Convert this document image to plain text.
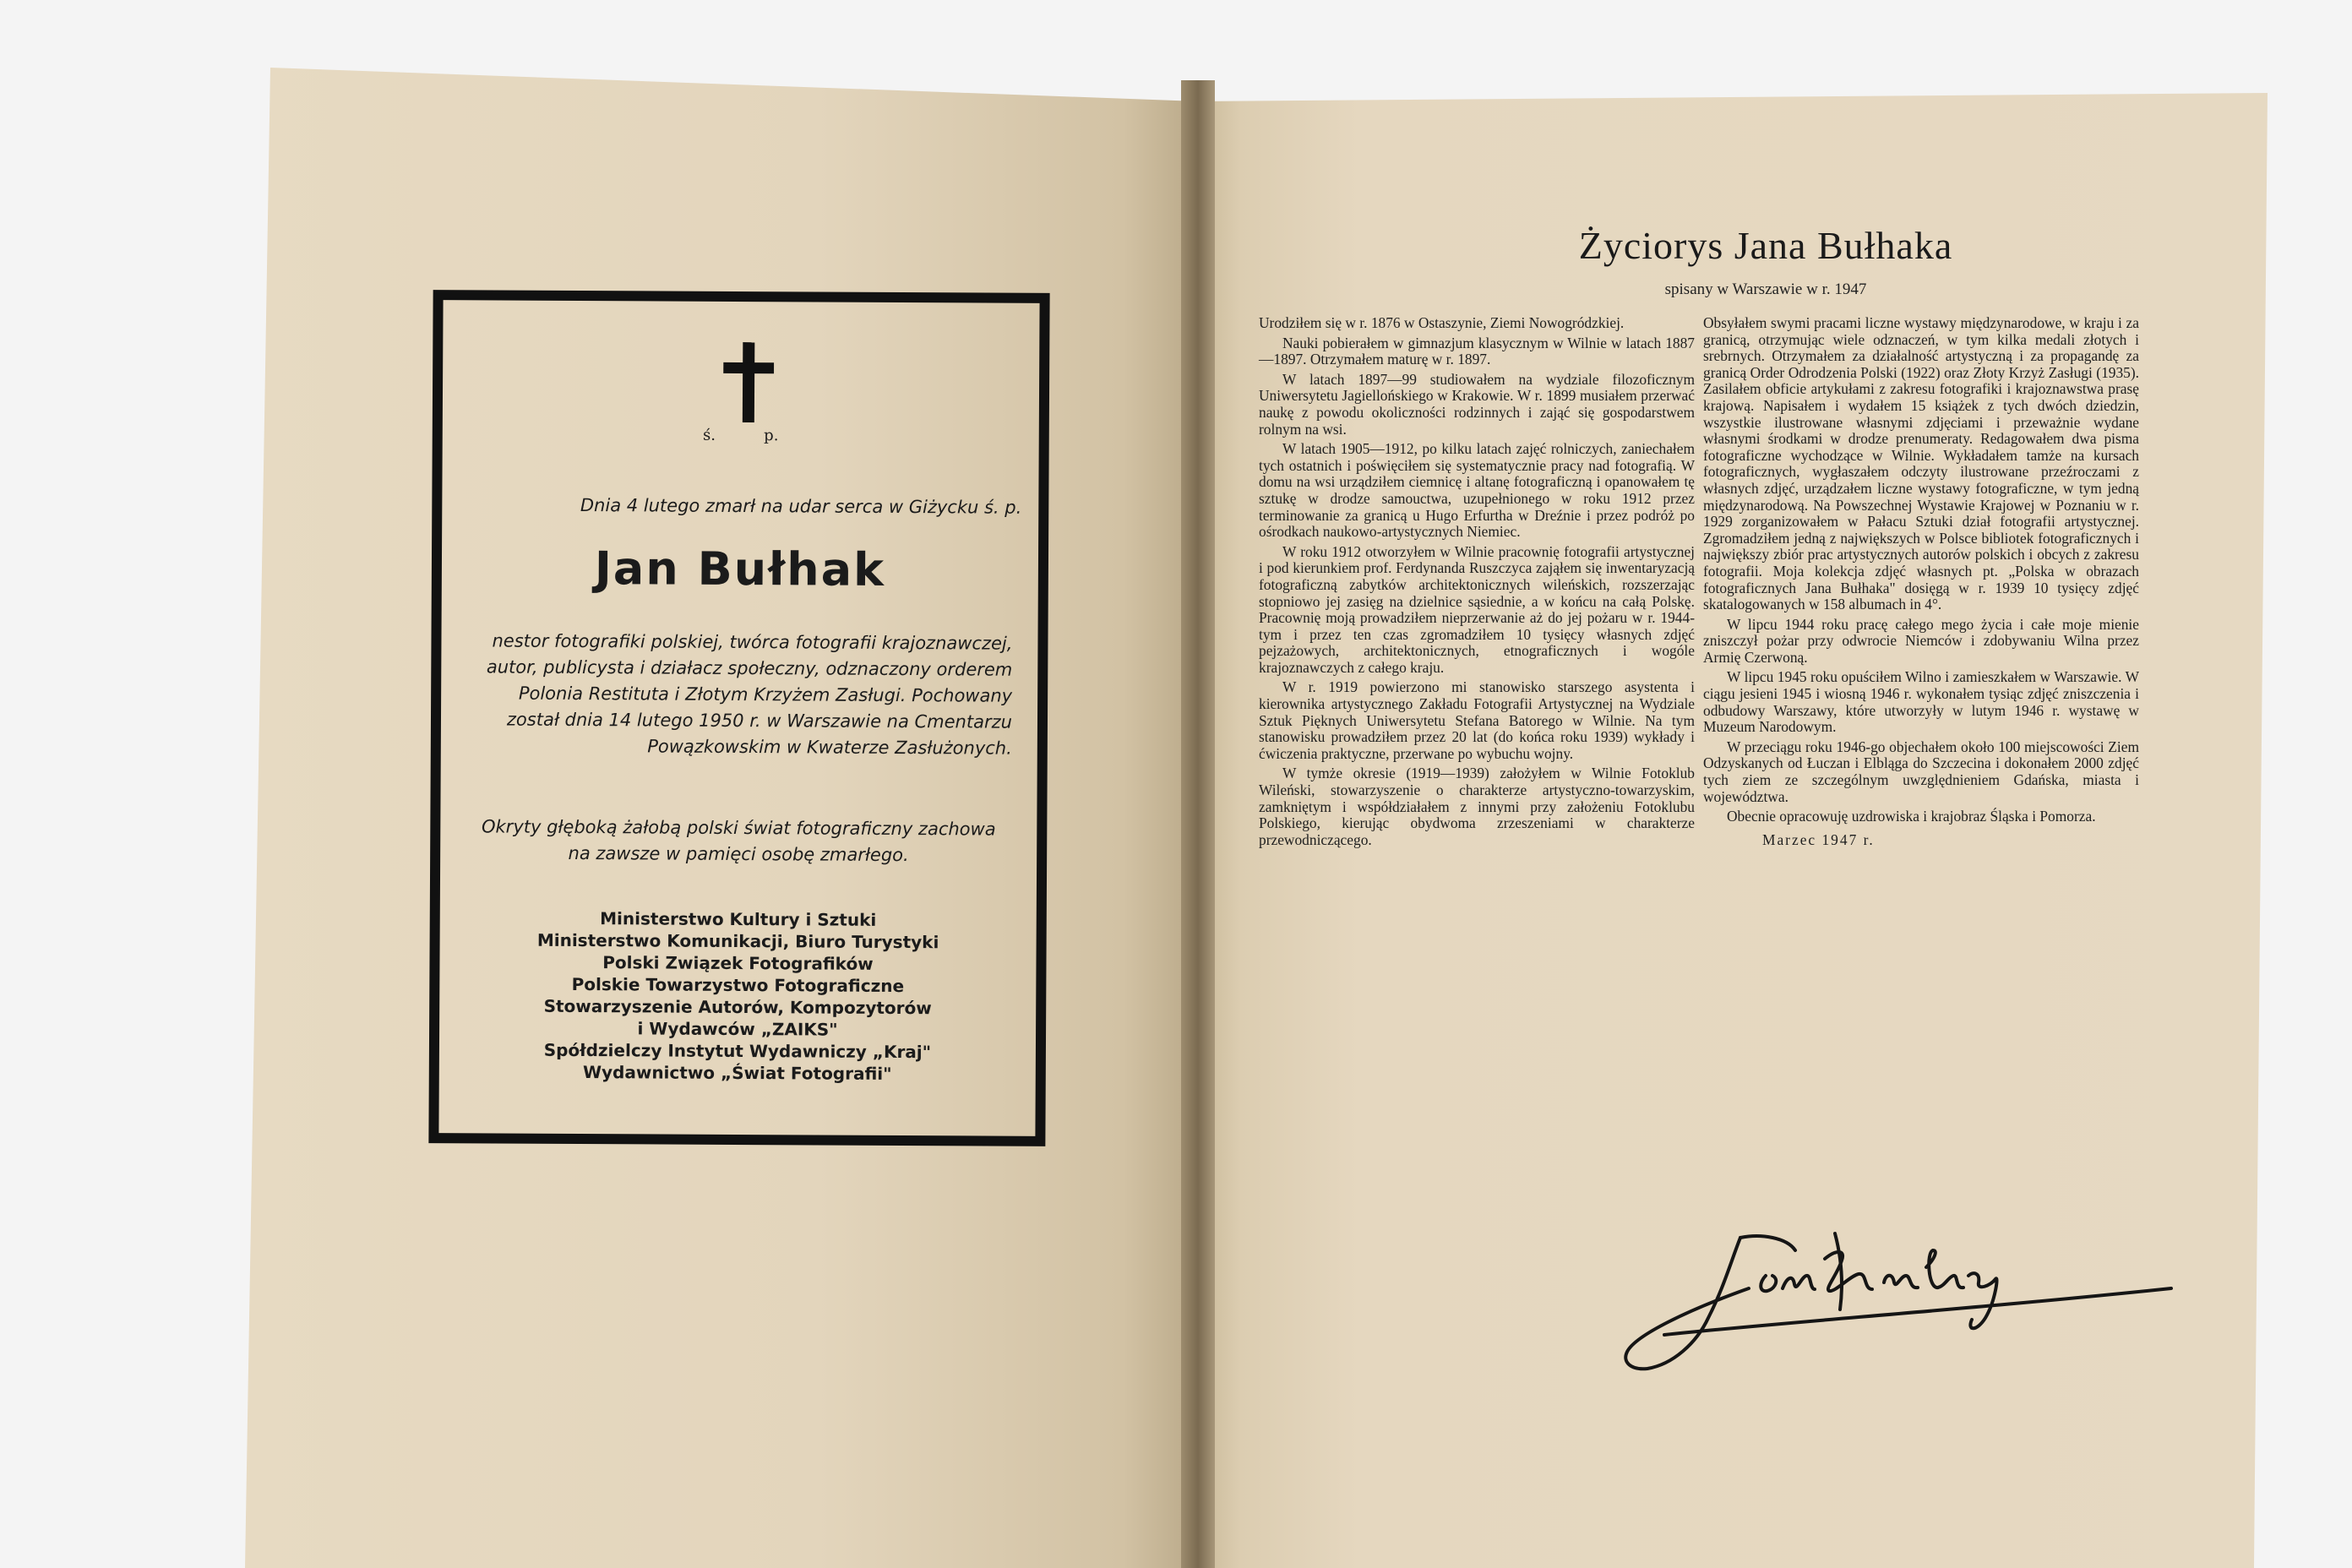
ś.          p.
Dnia 4 lutego zmarł na udar serca w Giżycku ś. p.
Jan Bułhak
nestor fotografiki polskiej, twórca fotografii krajoznawczej, autor, publicysta i działacz społeczny, odznaczony orderem Polonia Restituta i Złotym Krzyżem Zasługi. Pochowany został dnia 14 lutego 1950 r. w Warszawie na Cmentarzu Powązkowskim w Kwaterze Zasłużonych.
Okryty głęboką żałobą polski świat fotograficzny zachowa na zawsze w pamięci osobę zmarłego.
Ministerstwo Kultury i Sztuki
Ministerstwo Komunikacji, Biuro Turystyki
Polski Związek Fotografików
Polskie Towarzystwo Fotograficzne
Stowarzyszenie Autorów, Kompozytorów
i Wydawców „ZAIKS"
Spółdzielczy Instytut Wydawniczy „Kraj"
Wydawnictwo „Świat Fotografii"
Życiorys Jana Bułhaka
spisany w Warszawie w r. 1947

Urodziłem się w r. 1876 w Ostaszynie, Ziemi Nowogródzkiej.

Nauki pobierałem w gimnazjum klasycznym w Wilnie w latach 1887—1897. Otrzymałem maturę w r. 1897.

W latach 1897—99 studiowałem na wydziale filozoficznym Uniwersytetu Jagiellońskiego w Krakowie. W r. 1899 musiałem przerwać naukę z powodu okoliczności rodzinnych i zająć się gospodarstwem rolnym na wsi.

W latach 1905—1912, po kilku latach zajęć rolniczych, zaniechałem tych ostatnich i poświęciłem się systematycznie pracy nad fotografią. W domu na wsi urządziłem ciemnicę i altanę fotograficzną i opanowałem tę sztukę w drodze samouctwa, uzupełnionego w roku 1912 przez terminowanie za granicą u Hugo Erfurtha w Dreźnie i przez podróż po ośrodkach naukowo-artystycznych Niemiec.

W roku 1912 otworzyłem w Wilnie pracownię fotografii artystycznej i pod kierunkiem prof. Ferdynanda Ruszczyca zająłem się inwentaryzacją fotograficzną zabytków architektonicznych wileńskich, rozszerzając stopniowo jej zasięg na dzielnice sąsiednie, a w końcu na całą Polskę. Pracownię moją prowadziłem nieprzerwanie aż do jej pożaru w r. 1944-tym i przez ten czas zgromadziłem 10 tysięcy własnych zdjęć pejzażowych, architektonicznych, etnograficznych i wogóle krajoznawczych z całego kraju.

W r. 1919 powierzono mi stanowisko starszego asystenta i kierownika artystycznego Zakładu Fotografii Artystycznej na Wydziale Sztuk Pięknych Uniwersytetu Stefana Batorego w Wilnie. Na tym stanowisku prowadziłem przez 20 lat (do końca roku 1939) wykłady i ćwiczenia praktyczne, przerwane po wybuchu wojny.

W tymże okresie (1919—1939) założyłem w Wilnie Fotoklub Wileński, stowarzyszenie o charakterze artystyczno-towarzyskim, zamkniętym i współdziałałem z innymi przy założeniu Fotoklubu Polskiego, kierując obydwoma zrzeszeniami w charakterze przewodniczącego.

Obsyłałem swymi pracami liczne wystawy międzynarodowe, w kraju i za granicą, otrzymując wiele odznaczeń, w tym kilka medali złotych i srebrnych. Otrzymałem za działalność artystyczną i za propagandę za granicą Order Odrodzenia Polski (1922) oraz Złoty Krzyż Zasługi (1935). Zasilałem obficie artykułami z zakresu fotografiki i krajoznawstwa prasę krajową. Napisałem i wydałem 15 książek z tych dwóch dziedzin, wszystkie ilustrowane własnymi zdjęciami i przeważnie wydane własnymi środkami w drodze prenumeraty. Redagowałem dwa pisma fotograficzne wychodzące w Wilnie. Wykładałem tamże na kursach fotograficznych, wygłaszałem odczyty ilustrowane przeźroczami z własnych zdjęć, urządzałem liczne wystawy fotograficzne, w tym jedną międzynarodową. Na Powszechnej Wystawie Krajowej w Poznaniu w r. 1929 zorganizowałem w Pałacu Sztuki dział fotografii artystycznej. Zgromadziłem jedną z największych w Polsce bibliotek fotograficznych i największy zbiór prac artystycznych autorów polskich i obcych z zakresu fotografii. Moja kolekcja zdjęć własnych pt. „Polska w obrazach fotograficznych Jana Bułhaka" dosięgą w r. 1939 10 tysięcy zdjęć skatalogowanych w 158 albumach in 4°.

W lipcu 1944 roku pracę całego mego życia i całe moje mienie zniszczył pożar przy odwrocie Niemców i zdobywaniu Wilna przez Armię Czerwoną.

W lipcu 1945 roku opuściłem Wilno i zamieszkałem w Warszawie. W ciągu jesieni 1945 i wiosną 1946 r. wykonałem tysiąc zdjęć zniszczenia i odbudowy Warszawy, które utworzyły w lutym 1946 r. wystawę w Muzeum Narodowym.

W przeciągu roku 1946-go objechałem około 100 miejscowości Ziem Odzyskanych od Łuczan i Elbląga do Szczecina i dokonałem 2000 zdjęć tych ziem ze szczególnym uwzględnieniem Gdańska, miasta i województwa.

Obecnie opracowuję uzdrowiska i krajobraz Śląska i Pomorza.

Marzec 1947 r.
